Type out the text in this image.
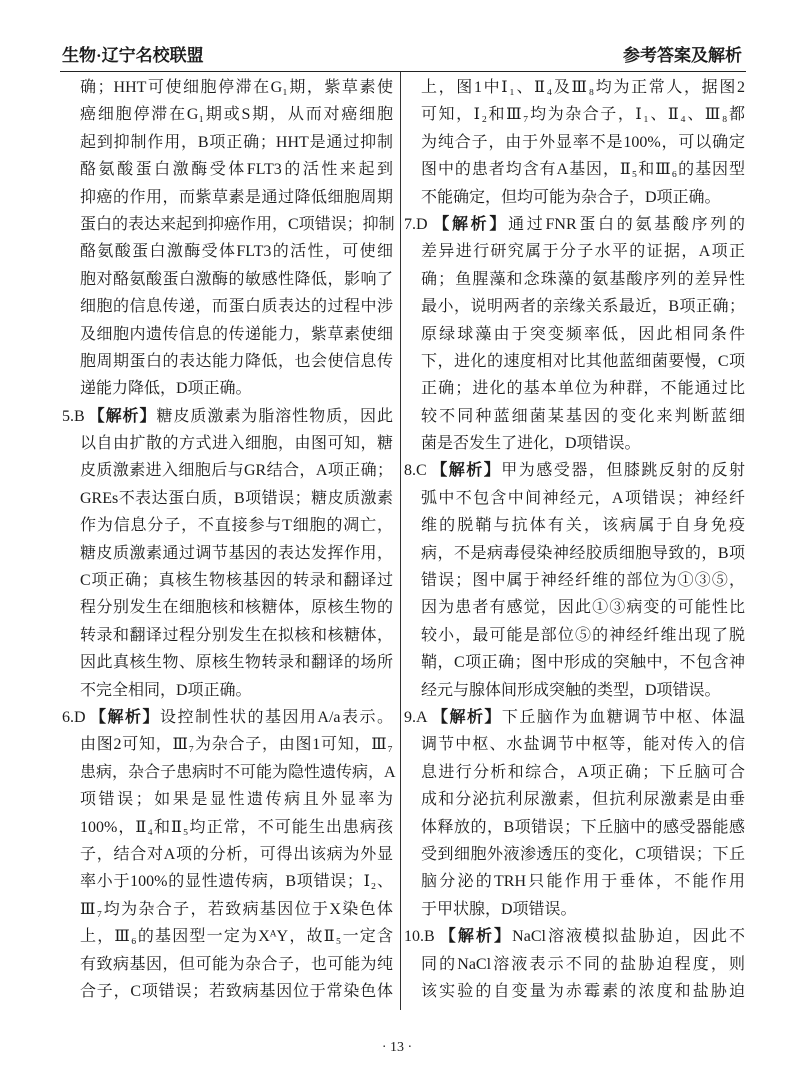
生物·辽宁名校联盟	参考答案及解析
确；HHT可使细胞停滞在G₁期，紫草素使
癌细胞停滞在G₁期或S期，从而对癌细胞
起到抑制作用，B项正确；HHT是通过抑制
酪氨酸蛋白激酶受体FLT3的活性来起到
抑癌的作用，而紫草素是通过降低细胞周期
蛋白的表达来起到抑癌作用，C项错误；抑制
酪氨酸蛋白激酶受体FLT3的活性，可使细
胞对酪氨酸蛋白激酶的敏感性降低，影响了
细胞的信息传递，而蛋白质表达的过程中涉
及细胞内遗传信息的传递能力，紫草素使细
胞周期蛋白的表达能力降低，也会使信息传
递能力降低，D项正确。
5.B 【解析】糖皮质激素为脂溶性物质，因此
以自由扩散的方式进入细胞，由图可知，糖
皮质激素进入细胞后与GR结合，A项正确；
GREs不表达蛋白质，B项错误；糖皮质激素
作为信息分子，不直接参与T细胞的凋亡，
糖皮质激素通过调节基因的表达发挥作用，
C项正确；真核生物核基因的转录和翻译过
程分别发生在细胞核和核糖体，原核生物的
转录和翻译过程分别发生在拟核和核糖体，
因此真核生物、原核生物转录和翻译的场所
不完全相同，D项正确。
6.D 【解析】设控制性状的基因用A/a表示。
由图2可知，Ⅲ₇为杂合子，由图1可知，Ⅲ₇
患病，杂合子患病时不可能为隐性遗传病，A
项错误；如果是显性遗传病且外显率为
100%，Ⅱ₄和Ⅱ₅均正常，不可能生出患病孩
子，结合对A项的分析，可得出该病为外显
率小于100%的显性遗传病，B项错误；Ⅰ₂、
Ⅲ₇均为杂合子，若致病基因位于X染色体
上，Ⅲ₆的基因型一定为XᴬY，故Ⅱ₅一定含
有致病基因，但可能为杂合子，也可能为纯
合子，C项错误；若致病基因位于常染色体
上，图1中Ⅰ₁、Ⅱ₄及Ⅲ₈均为正常人，据图2
可知，Ⅰ₂和Ⅲ₇均为杂合子，Ⅰ₁、Ⅱ₄、Ⅲ₈都
为纯合子，由于外显率不是100%，可以确定
图中的患者均含有A基因，Ⅱ₅和Ⅲ₆的基因型
不能确定，但均可能为杂合子，D项正确。
7.D 【解析】通过FNR蛋白的氨基酸序列的
差异进行研究属于分子水平的证据，A项正
确；鱼腥藻和念珠藻的氨基酸序列的差异性
最小，说明两者的亲缘关系最近，B项正确；
原绿球藻由于突变频率低，因此相同条件
下，进化的速度相对比其他蓝细菌要慢，C项
正确；进化的基本单位为种群，不能通过比
较不同种蓝细菌某基因的变化来判断蓝细
菌是否发生了进化，D项错误。
8.C 【解析】甲为感受器，但膝跳反射的反射
弧中不包含中间神经元，A项错误；神经纤
维的脱鞘与抗体有关，该病属于自身免疫
病，不是病毒侵染神经胶质细胞导致的，B项
错误；图中属于神经纤维的部位为①③⑤，
因为患者有感觉，因此①③病变的可能性比
较小，最可能是部位⑤的神经纤维出现了脱
鞘，C项正确；图中形成的突触中，不包含神
经元与腺体间形成突触的类型，D项错误。
9.A 【解析】下丘脑作为血糖调节中枢、体温
调节中枢、水盐调节中枢等，能对传入的信
息进行分析和综合，A项正确；下丘脑可合
成和分泌抗利尿激素，但抗利尿激素是由垂
体释放的，B项错误；下丘脑中的感受器能感
受到细胞外液渗透压的变化，C项错误；下丘
脑分泌的TRH只能作用于垂体，不能作用
于甲状腺，D项错误。
10.B 【解析】NaCl溶液模拟盐胁迫，因此不
同的NaCl溶液表示不同的盐胁迫程度，则
该实验的自变量为赤霉素的浓度和盐胁迫
· 13 ·
